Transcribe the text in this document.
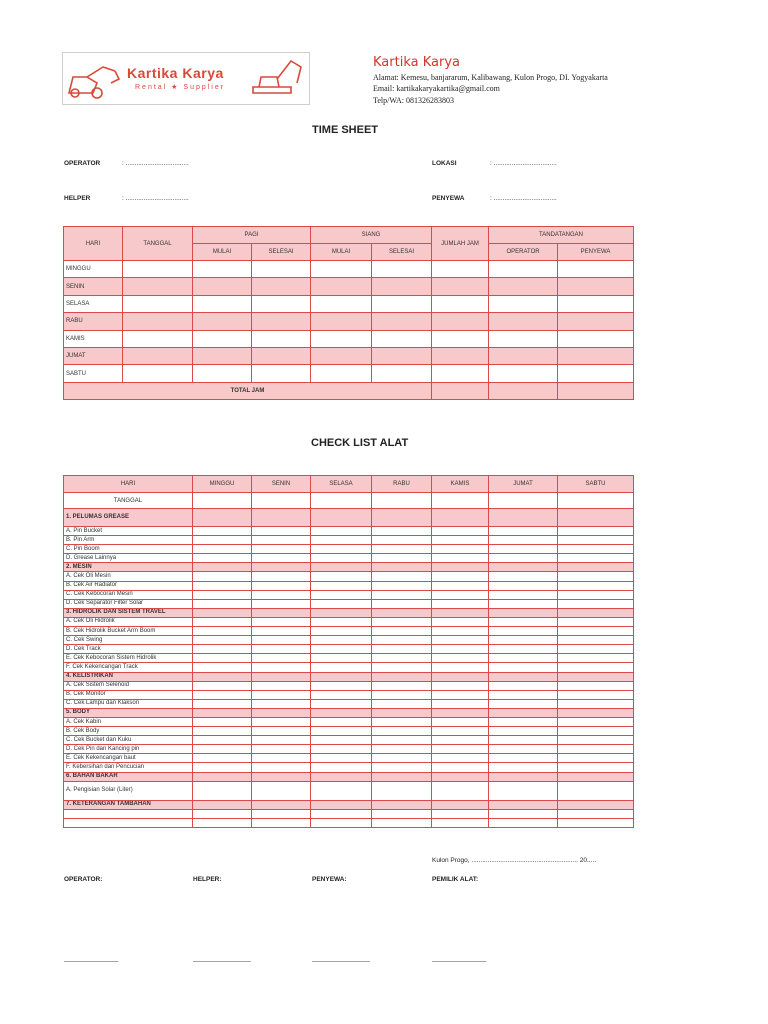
Kartika Karya
Rental ★ Supplier
Kartika Karya
Alamat: Kemesu, banjararum, Kalibawang, Kulon Progo, DI. Yogyakarta
Email: kartikakaryakartika@gmail.com
Telp/WA: 081326283803
TIME SHEET
OPERATOR	: ...................................	LOKASI	: ...................................
HELPER	: ...................................	PENYEWA	: ...................................
HARI	TANGGAL	PAGI		SIANG		JUMLAH JAM	TANDATANGAN	
		MULAI	SELESAI	MULAI	SELESAI		OPERATOR	PENYEWA
MINGGU								
SENIN								
SELASA								
RABU								
KAMIS								
JUMAT								
SABTU								
TOTAL JAM								
CHECK LIST ALAT
HARI	MINGGU	SENIN	SELASA	RABU	KAMIS	JUMAT	SABTU
TANGGAL							
1. PELUMAS GREASE							
A. Pin Bucket							
B. Pin Arm							
C. Pin Boom							
D. Grease Lainnya							
2. MESIN							
A. Cek Oli Mesin							
B. Cek Air Radiator							
C. Cek Kebocoran Mesin							
D. Cek Separator Filter Solar							
3. HIDROLIK DAN SISTEM TRAVEL							
A. Cek Oli Hidrolik							
B. Cek Hidrolik Bucket Arm Boom							
C. Cek Swing							
D. Cek Track							
E. Cek Kebocoran Sistem Hidrolik							
F. Cek Kekencangan Track							
4. KELISTRIKAN							
A. Cek Sistem Selenoid							
B. Cek Monitor							
C. Cek Lampu dan Klakson							
5. BODY							
A. Cek Kabin							
B. Cek Body							
C. Cek Bucket dan Kuku							
D. Cek Pin dan Kancing pin							
E. Cek Kekencangan baut							
F. Kebersihan dan Pencucian							
6. BAHAN BAKAR							
A. Pengisian Solar (Liter)							
7. KETERANGAN TAMBAHAN							

Kulon Progo, ........................................................... 20.....
OPERATOR:
_______________
HELPER:
________________
PENYEWA:
________________
PEMILIK ALAT:
_______________
